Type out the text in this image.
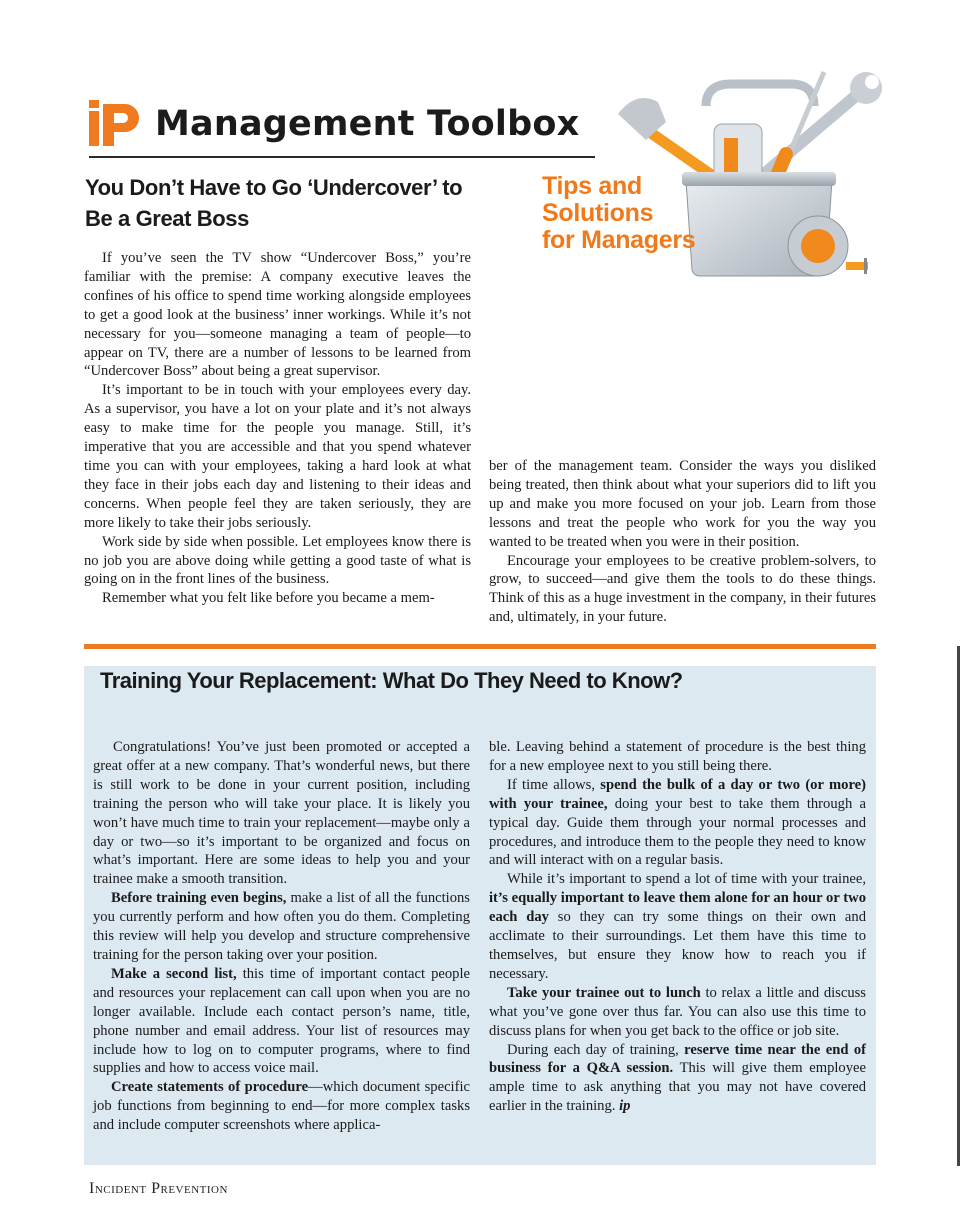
Management Toolbox
Tips and
Solutions
for Managers
You Don’t Have to Go ‘Undercover’ to Be a Great Boss

If you’ve seen the TV show “Undercover Boss,” you’re familiar with the premise: A company executive leaves the confines of his office to spend time working alongside employees to get a good look at the business’ inner workings. While it’s not necessary for you—someone managing a team of people—to appear on TV, there are a number of lessons to be learned from “Undercover Boss” about being a great supervisor.

It’s important to be in touch with your employees every day. As a supervisor, you have a lot on your plate and it’s not always easy to make time for the people you manage. Still, it’s imperative that you are accessible and that you spend whatever time you can with your employees, taking a hard look at what they face in their jobs each day and listening to their ideas and concerns. When people feel they are taken seriously, they are more likely to take their jobs seriously.

Work side by side when possible. Let employees know there is no job you are above doing while getting a good taste of what is going on in the front lines of the business.

Remember what you felt like before you became a mem-

ber of the management team. Consider the ways you disliked being treated, then think about what your superiors did to lift you up and make you more focused on your job. Learn from those lessons and treat the people who work for you the way you wanted to be treated when you were in their position.

Encourage your employees to be creative problem-solvers, to grow, to succeed—and give them the tools to do these things. Think of this as a huge investment in the company, in their futures and, ultimately, in your future.

Training Your Replacement: What Do They Need to Know?

Congratulations! You’ve just been promoted or accepted a great offer at a new company. That’s wonderful news, but there is still work to be done in your current position, including training the person who will take your place. It is likely you won’t have much time to train your replacement—maybe only a day or two—so it’s important to be organized and focus on what’s important. Here are some ideas to help you and your trainee make a smooth transition.

Before training even begins, make a list of all the functions you currently perform and how often you do them. Completing this review will help you develop and structure comprehensive training for the person taking over your position.

Make a second list, this time of important contact people and resources your replacement can call upon when you are no longer available. Include each contact person’s name, title, phone number and email address. Your list of resources may include how to log on to computer programs, where to find supplies and how to access voice mail.

Create statements of procedure—which document specific job functions from beginning to end—for more complex tasks and include computer screenshots where applica-

ble. Leaving behind a statement of procedure is the best thing for a new employee next to you still being there.

If time allows, spend the bulk of a day or two (or more) with your trainee, doing your best to take them through a typical day. Guide them through your normal processes and procedures, and introduce them to the people they need to know and will interact with on a regular basis.

While it’s important to spend a lot of time with your trainee, it’s equally important to leave them alone for an hour or two each day so they can try some things on their own and acclimate to their surroundings. Let them have this time to themselves, but ensure they know how to reach you if necessary.

Take your trainee out to lunch to relax a little and discuss what you’ve gone over thus far. You can also use this time to discuss plans for when you get back to the office or job site.

During each day of training, reserve time near the end of business for a Q&A session. This will give them employee ample time to ask anything that you may not have covered earlier in the training. ip

Incident Prevention
